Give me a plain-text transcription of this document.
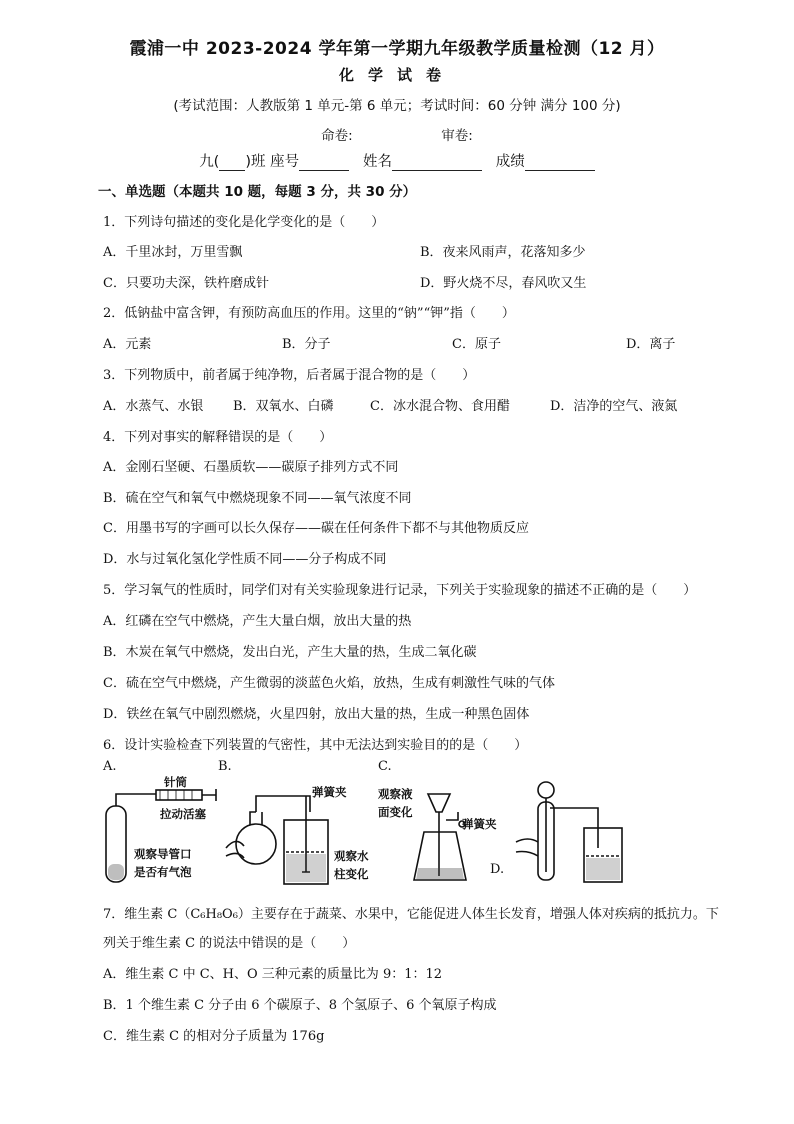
霞浦一中 2023-2024 学年第一学期九年级教学质量检测（12 月）
化学试卷
(考试范围：人教版第 1 单元-第 6 单元；考试时间：60 分钟 满分 100 分)
命卷:	审卷:
九( )班 座号	姓名	成绩
一、单选题（本题共 10 题，每题 3 分，共 30 分）
1．下列诗句描述的变化是化学变化的是（　　）
A．千里冰封，万里雪飘	B．夜来风雨声，花落知多少
C．只要功夫深，铁杵磨成针	D．野火烧不尽，春风吹又生
2．低钠盐中富含钾，有预防高血压的作用。这里的“钠”“钾”指（　　）
A．元素	B．分子	C．原子	D．离子
3．下列物质中，前者属于纯净物，后者属于混合物的是（　　）
A．水蒸气、水银 B．双氧水、白磷	C．冰水混合物、食用醋	D．洁净的空气、液氮
4．下列对事实的解释错误的是（　　）
A．金刚石坚硬、石墨质软——碳原子排列方式不同
B．硫在空气和氧气中燃烧现象不同——氧气浓度不同
C．用墨书写的字画可以长久保存——碳在任何条件下都不与其他物质反应
D．水与过氧化氢化学性质不同——分子构成不同
5．学习氧气的性质时，同学们对有关实验现象进行记录，下列关于实验现象的描述不正确的是（　　）
A．红磷在空气中燃烧，产生大量白烟，放出大量的热
B．木炭在氧气中燃烧，发出白光，产生大量的热，生成二氧化碳
C．硫在空气中燃烧，产生微弱的淡蓝色火焰，放热，生成有刺激性气味的气体
D．铁丝在氧气中剧烈燃烧，火星四射，放出大量的热，生成一种黑色固体
6．设计实验检查下列装置的气密性，其中无法达到实验目的的是（　　）
A.	B.	C.
D.
针筒
拉动活塞
观察导管口
是否有气泡
弹簧夹
观察水
柱变化
观察液
面变化
弹簧夹
7．维生素 C（C₆H₈O₆）主要存在于蔬菜、水果中，它能促进人体生长发育，增强人体对疾病的抵抗力。下
列关于维生素 C 的说法中错误的是（　　）
A．维生素 C 中 C、H、O 三种元素的质量比为 9：1：12
B．1 个维生素 C 分子由 6 个碳原子、8 个氢原子、6 个氧原子构成
C．维生素 C 的相对分子质量为 176g
